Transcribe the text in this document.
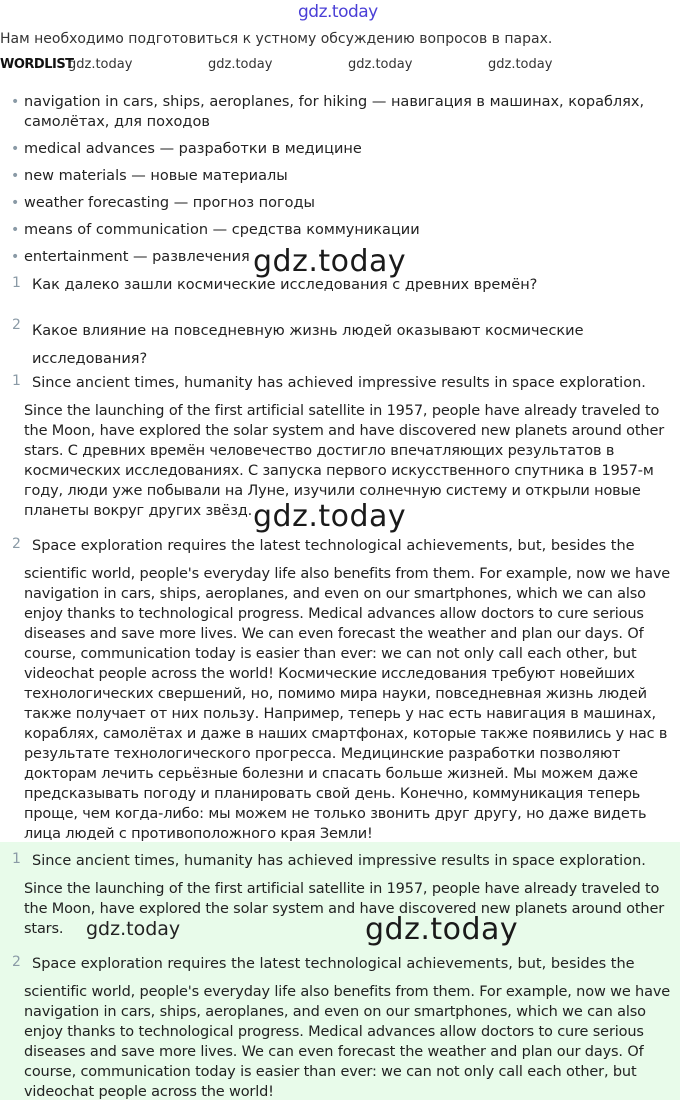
gdz.today
Нам необходимо подготовиться к устному обсуждению вопросов в парах.
WORDLIST
gdz.today	gdz.today	gdz.today	gdz.today
• navigation in cars, ships, aeroplanes, for hiking — навигация в машинах, кораблях, самолётах, для походов
• medical advances — разработки в медицине
• new materials — новые материалы
• weather forecasting — прогноз погоды
• means of communication — средства коммуникации
• entertainment — развлечения gdz.today
1 Как далеко зашли космические исследования с древних времён?

2 Какое влияние на повседневную жизнь людей оказывают космические исследования?

1 Since ancient times, humanity has achieved impressive results in space exploration.

Since the launching of the first artificial satellite in 1957, people have already traveled to the Moon, have explored the solar system and have discovered new planets around other stars. С древних времён человечество достигло впечатляющих результатов в космических исследованиях. С запуска первого искусственного спутника в 1957-м году, люди уже побывали на Луне, изучили солнечную систему и открыли новые планеты вокруг других звёзд. gdz.today
2 Space exploration requires the latest technological achievements, but, besides the

scientific world, people's everyday life also benefits from them. For example, now we have navigation in cars, ships, aeroplanes, and even on our smartphones, which we can also enjoy thanks to technological progress. Medical advances allow doctors to cure serious diseases and save more lives. We can even forecast the weather and plan our days. Of course, communication today is easier than ever: we can not only call each other, but videochat people across the world! Космические исследования требуют новейших технологических свершений, но, помимо мира науки, повседневная жизнь людей также получает от них пользу. Например, теперь у нас есть навигация в машинах, кораблях, самолётах и даже в наших смартфонах, которые также появились у нас в результате технологического прогресса. Медицинские разработки позволяют докторам лечить серьёзные болезни и спасать больше жизней. Мы можем даже предсказывать погоду и планировать свой день. Конечно, коммуникация теперь проще, чем когда-либо: мы можем не только звонить друг другу, но даже видеть лица людей с противоположного края Земли!

1 Since ancient times, humanity has achieved impressive results in space exploration.

Since the launching of the first artificial satellite in 1957, people have already traveled to the Moon, have explored the solar system and have discovered new planets around other stars.	gdz.today	gdz.today
2 Space exploration requires the latest technological achievements, but, besides the

scientific world, people's everyday life also benefits from them. For example, now we have navigation in cars, ships, aeroplanes, and even on our smartphones, which we can also enjoy thanks to technological progress. Medical advances allow doctors to cure serious diseases and save more lives. We can even forecast the weather and plan our days. Of course, communication today is easier than ever: we can not only call each other, but videochat people across the world!
